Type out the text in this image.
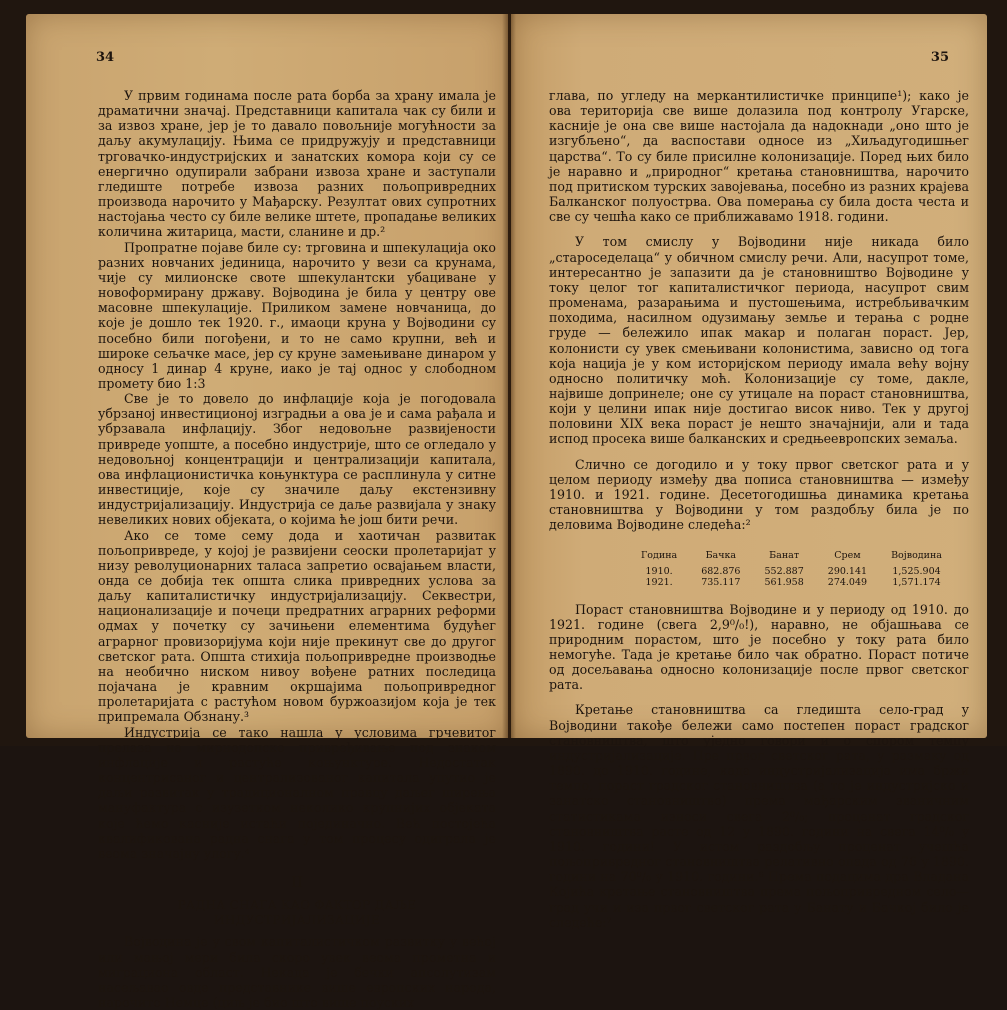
34

У првим годинама после рата борба за храну имала је драматични значај. Представници капитала чак су били и за извоз хране, јер је то давало повољније могућности за даљу акумулацију. Њима се придружују и представници трговачко-индустријских и занатских комора који су се енергично одупирали забрани извоза хране и заступали гледиште потребе извоза разних пољопривредних производа нарочито у Мађарску. Резултат ових супротних настојања често су биле велике штете, пропадање великих количина житарица, масти, сланине и др.²

Пропратне појаве биле су: трговина и шпекулација око разних новчаних јединица, нарочито у вези са крунама, чије су милионске своте шпекулантски убациване у новоформирану државу. Војводина је била у центру ове масовне шпекулације. Приликом замене новчаница, до које је дошло тек 1920. г., имаоци круна у Војводини су посебно били погођени, и то не само крупни, већ и широке сељачке масе, јер су круне замењиване динаром у односу 1 динар 4 круне, иако је тај однос у слободном промету био 1:3

Све је то довело до инфлације која је погодовала убрзаној инвестиционој изградњи а ова је и сама рађала и убрзавала инфлацију. Због недовољне развијености привреде уопште, а посебно индустрије, што се огледало у недовољној концентрацији и централизацији капитала, ова инфлационистичка коњунктура се расплинула у ситне инвестиције, које су значиле даљу екстензивну индустријализацију. Индустрија се даље развијала у знаку невеликих нових објеката, о којима ће још бити речи.

Ако се томе сему дода и хаотичан развитак пољопривреде, у којој је развијени сеоски пролетаријат у низу револуционарних таласа запретио освајањем власти, онда се добија тек општа слика привредних услова за даљу капиталистичку индустријализацију. Секвестри, национализације и почеци предратних аграрних реформи одмах у почетку су зачињени елементима будућег аграрног провизоријума који није прекинут све до другог светског рата. Општа стихија пољопривредне производње на необично ниском нивоу вођене ратних последица појачана је кравним окршајима пољопривредног пролетаријата с растућом новом буржоазијом која је тек припремала Обзнану.³

Индустрија се тако нашла у условима грчевитог прелаза на мирнодопско привређивање под знаком инфлације и растуће коњунктуре. Недостатак концентрисаног и централизованог капитала упутио је даљи развитак у традиционалном правцу даљег ширења мануфактура с изузетком неколико крупнијих објеката које ћемо касније истаћи појединачно. Већ постојећа квалификована радна снага у том процесу одиграла је веома значајну улогу.⁴

II

РАДНА СНАГА КАО ФАКТОР ДАЉЕ ИНДУСТРИЈАЛИЗАЦИЈЕ

Војводина је у свом капиталистичком развитку у већој или мањој мери била скоро увек веома прометна и миграциона област. Некада је бечки апсолутизам насељавао овде представнике више европских народа, нарочито Немце (циљ је био што више поуских

35

глава, по угледу на меркантилистичке принципе¹); како је ова територија све више долазила под контролу Угарске, касније је она све више настојала да надокнади „оно што је изгубљено“, да васпостави односе из „Хиљадугодишњег царства“. То су биле присилне колонизације. Поред њих било је наравно и „природног“ кретања становништва, нарочито под притиском турских завојевања, посебно из разних крајева Балканског полуострва. Ова померања су била доста честа и све су чешћа како се приближавамо 1918. години.

У том смислу у Војводини није никада било „староседелаца“ у обичном смислу речи. Али, насупрот томе, интересантно је запазити да је становништво Војводине у току целог тог капиталистичког периода, насупрот свим променама, разарањима и пустошењима, истребљивачким походима, насилном одузимању земље и терања с родне груде — бележило ипак макар и полаган пораст. Јер, колонисти су увек смењивани колонистима, зависно од тога која нација је у ком историјском периоду имала већу војну односно политичку моћ. Колонизације су томе, дакле, највише допринеле; оне су утицале на пораст становништва, који у целини ипак није достигао висок ниво. Тек у другој половини XIX века пораст је нешто значајнији, али и тада испод просека више балканских и средњеевропских земаља.

Слично се догодило и у току првог светског рата и у целом периоду између два пописа становништва — између 1910. и 1921. године. Десетогодишња динамика кретања становништва у Војводини у том раздобљу била је по деловима Војводине следећа:²

Година	Бачка	Банат	Срем	Војводина
1910.	682.876	552.887	290.141	1,525.904
1921.	735.117	561.958	274.049	1,571.174

Пораст становништва Војводине и у периоду од 1910. до 1921. године (свега 2,9⁰/₀!), наравно, не објашњава се природним порастом, што је посебно у току рата било немогуће. Тада је кретање било чак обратно. Пораст потиче од досељавања односно колонизације после првог светског рата.

Кретање становништва са гледишта село-град у Војводини такође бележи само постепен пораст градског становништва, што уједно говори и о спором темпу индустријализације. Пре првог светског рата, у размаку од 1890. до 1910. године, када индустријализација има бржи темпо, пораст градског становништва (а то је индустријско и занатско становништво) према мађарским званичним статистикама износи свега 2⁰/₀; проценат градског становништва расте од 12 у 1890. години на свега 14⁰/₀ у 1910. години! У истом раздобљу проценат учешћа пољопривредног становништва релативно опада од 76 у 1890. години на 70⁰/₀ у 1910. години.⁶ Према подацима дра Владана Којића кретање становништва према пољопривредном село—град учи и иза првог светског рата у Банату и Бачкој било је следеће:⁷
